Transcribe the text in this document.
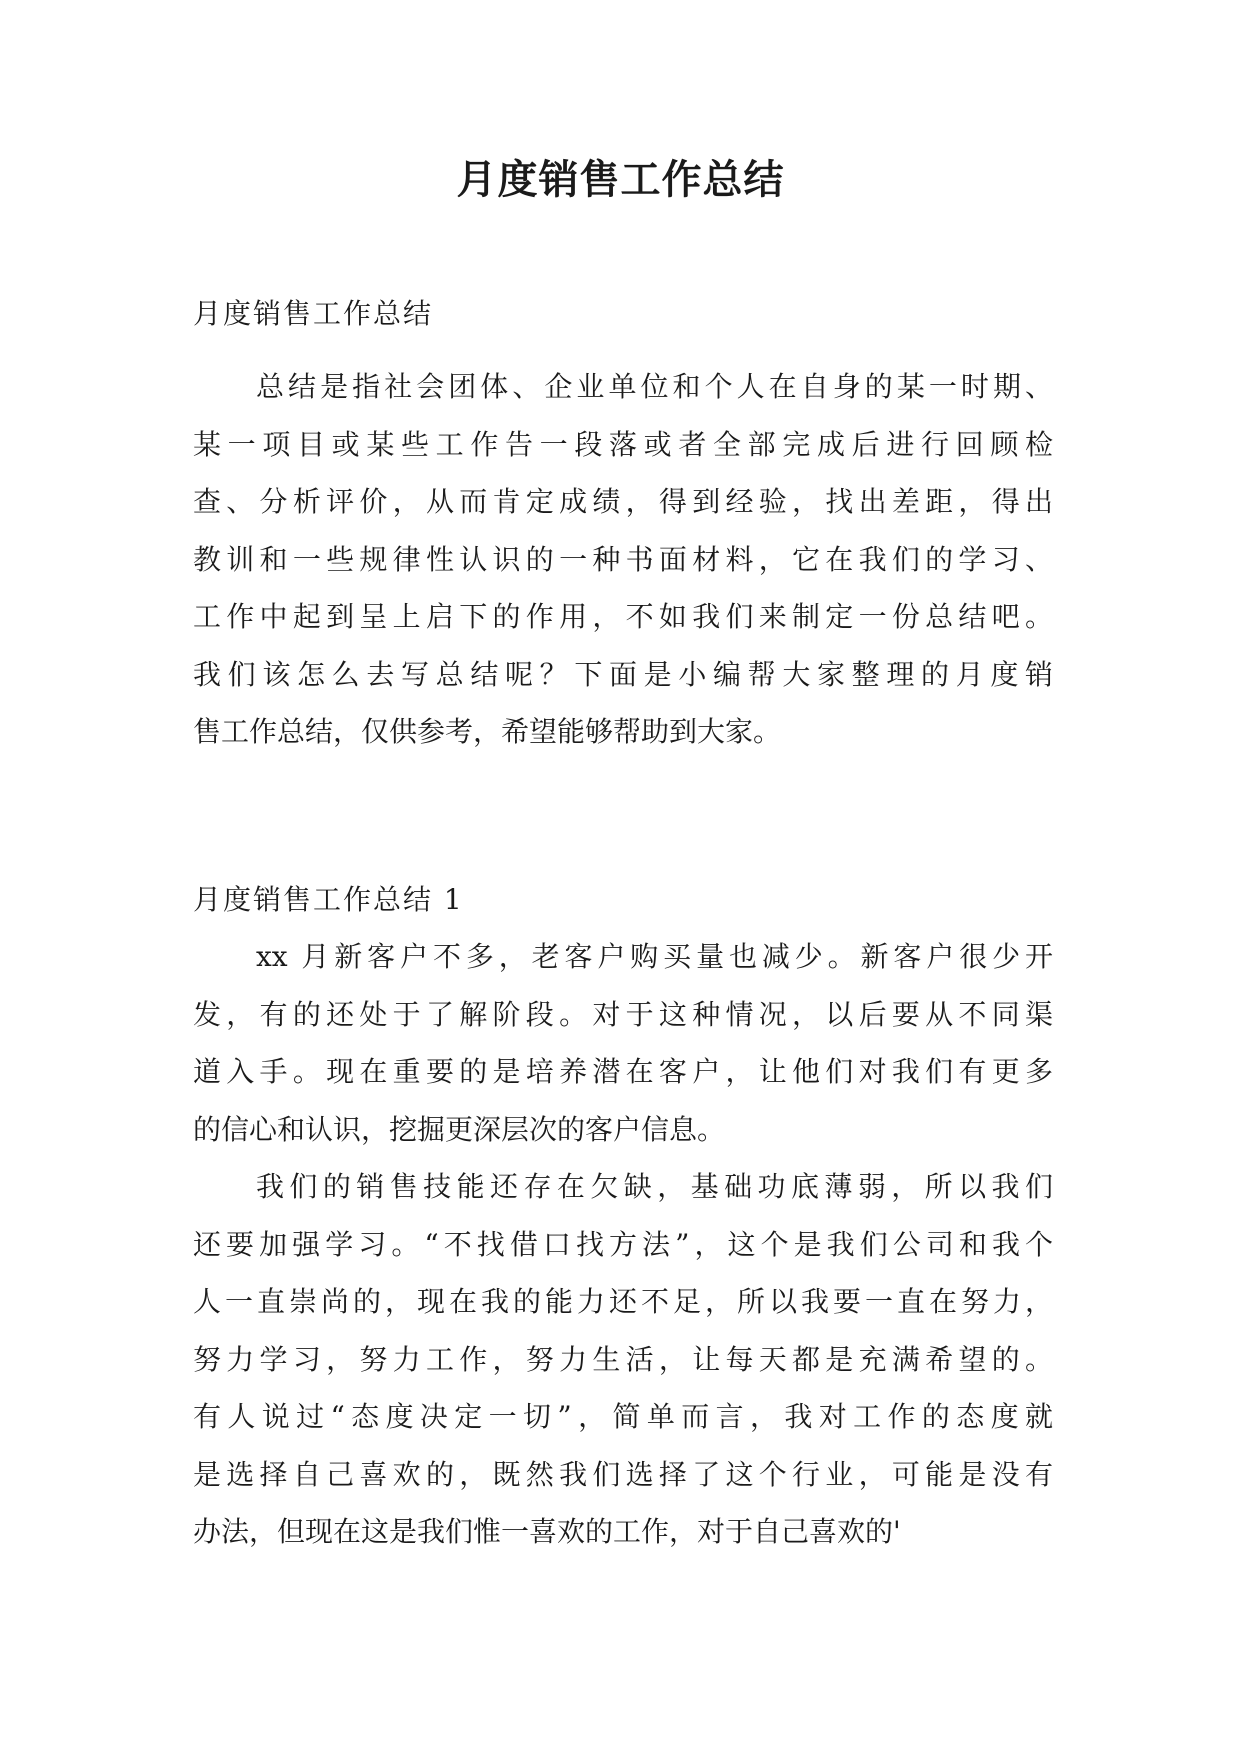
月度销售工作总结
月度销售工作总结
总结是指社会团体、企业单位和个人在自身的某一时期、
某一项目或某些工作告一段落或者全部完成后进行回顾检
查、分析评价，从而肯定成绩，得到经验，找出差距，得出
教训和一些规律性认识的一种书面材料，它在我们的学习、
工作中起到呈上启下的作用，不如我们来制定一份总结吧。
我们该怎么去写总结呢？下面是小编帮大家整理的月度销
售工作总结，仅供参考，希望能够帮助到大家。
月度销售工作总结 1
xx 月新客户不多，老客户购买量也减少。新客户很少开
发，有的还处于了解阶段。对于这种情况，以后要从不同渠
道入手。现在重要的是培养潜在客户，让他们对我们有更多
的信心和认识，挖掘更深层次的客户信息。
我们的销售技能还存在欠缺，基础功底薄弱，所以我们
还要加强学习。“不找借口找方法”，这个是我们公司和我个
人一直崇尚的，现在我的能力还不足，所以我要一直在努力，
努力学习，努力工作，努力生活，让每天都是充满希望的。
有人说过“态度决定一切”，简单而言，我对工作的态度就
是选择自己喜欢的，既然我们选择了这个行业，可能是没有
办法，但现在这是我们惟一喜欢的工作，对于自己喜欢的'
